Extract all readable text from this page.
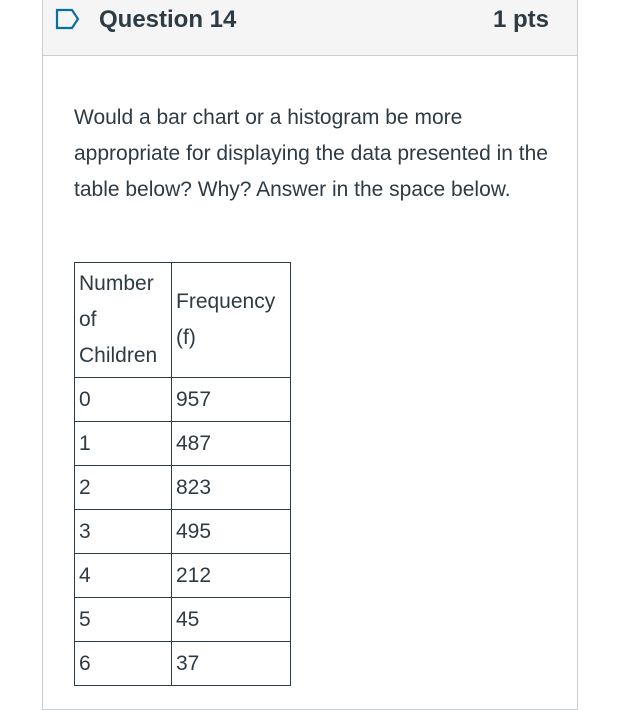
Question 14	1 pts
Would a bar chart or a histogram be more appropriate for displaying the data presented in the table below? Why? Answer in the space below.
Number of Children	Frequency (f)
0	957
1	487
2	823
3	495
4	212
5	45
6	37
